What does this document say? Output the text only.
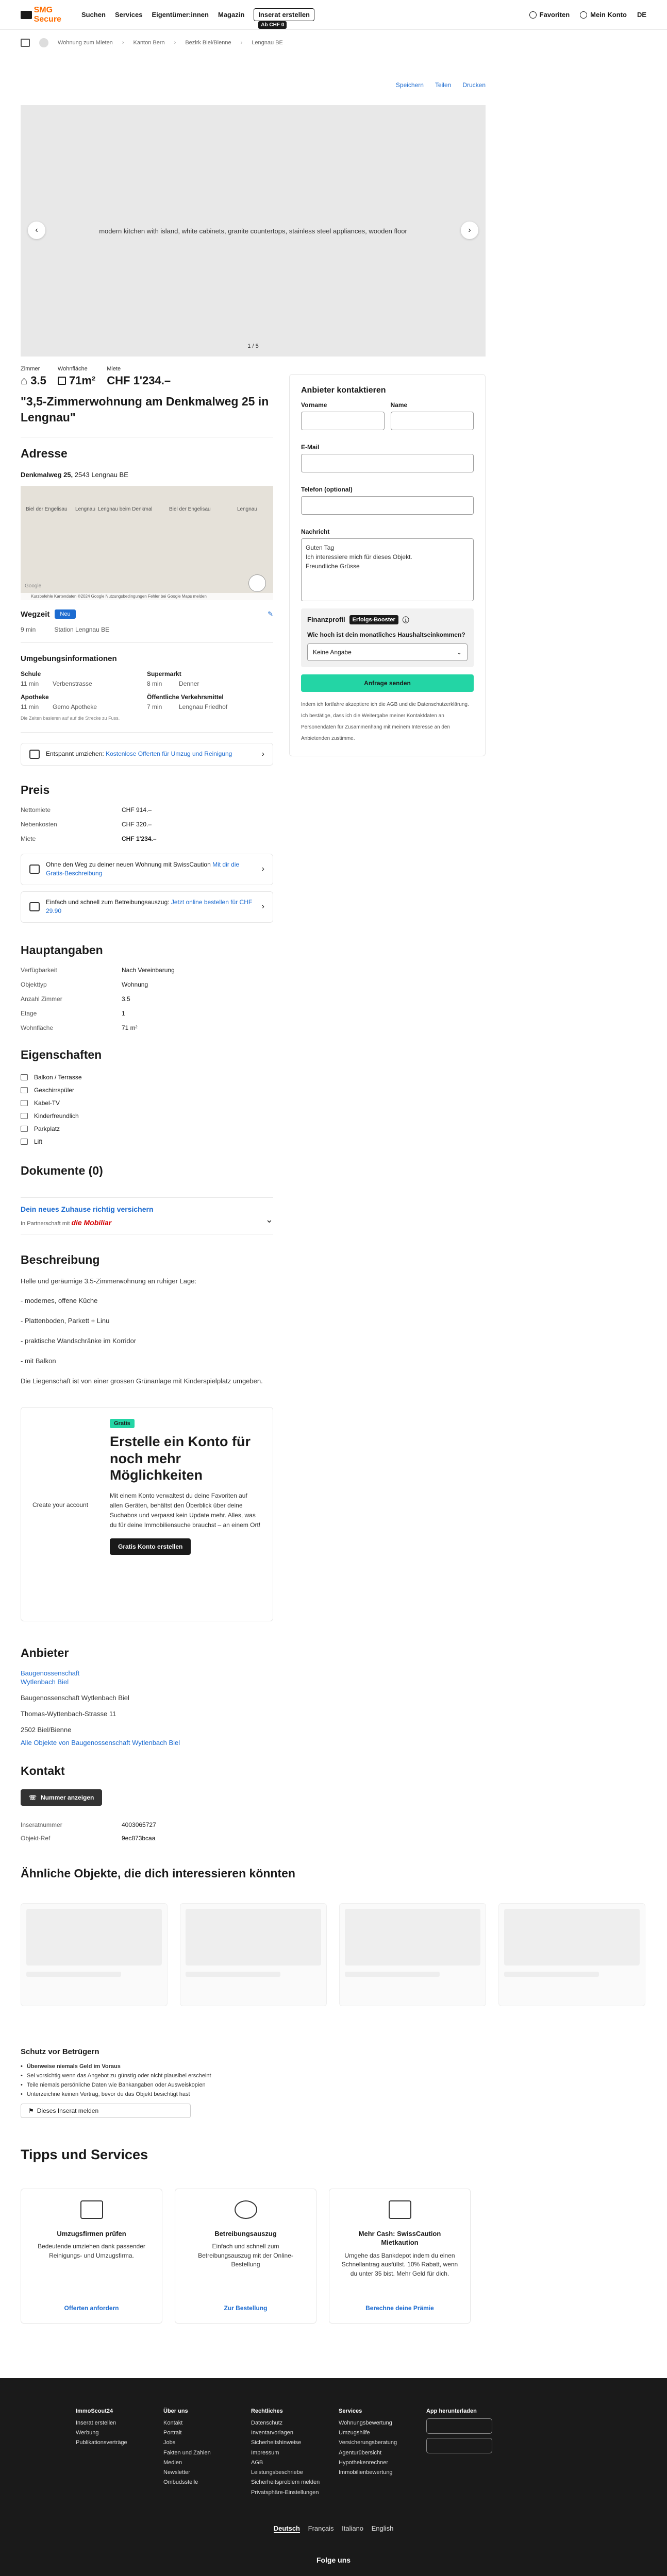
SMG Secure	Suchen Services Eigentümer:innen Magazin	Inserat erstellen
Ab CHF 0
Favoriten	Mein Konto DE
Wohnung zum Mieten › Kanton Bern › Bezirk Biel/Bienne › Lengnau BE
Speichern Teilen Drucken
modern kitchen with island, white cabinets, granite countertops, stainless steel appliances, wooden floor
‹	›
1 / 5
Anbieter kontaktieren
Vorname	Name
E-Mail
Telefon (optional)
Nachricht
Guten Tag
Ich interessiere mich für dieses Objekt.
Freundliche Grüsse
Finanzprofil	Erfolgs-Booster	ⓘ
Wie hoch ist dein monatliches Haushaltseinkommen?
Keine Angabe	⌄
Anfrage senden
Indem ich fortfahre akzeptiere ich die AGB und die Datenschutzerklärung. Ich bestätige, dass ich die Weitergabe meiner Kontaktdaten an Personendaten für Zusammenhang mit meinem Interesse an den Anbietenden zustimme.
Zimmer
⌂ 3.5
Wohnfläche
71m²
Miete
CHF 1'234.–
"3,5-Zimmerwohnung am Denkmalweg 25 in Lengnau"
Adresse
Denkmalweg 25, 2543 Lengnau BE
Biel der Engelisau Lengnau Lengnau beim Denkmal	Biel der Engelisau	Lengnau
Google
Kurzbefehle Kartendaten ©2024 Google Nutzungsbedingungen Fehler bei Google Maps melden
Wegzeit	Neu	✎
9 min	Station Lengnau BE
Umgebungsinformationen
Schule
11 min	Verbenstrasse
Supermarkt
8 min	Denner
Apotheke
11 min	Gemo Apotheke
Öffentliche Verkehrsmittel
7 min	Lengnau Friedhof
Die Zeiten basieren auf auf die Strecke zu Fuss.
Entspannt umziehen: Kostenlose Offerten für Umzug und Reinigung	›
Preis
Nettomiete	CHF 914.–
Nebenkosten	CHF 320.–
Miete	CHF 1'234.–
Ohne den Weg zu deiner neuen Wohnung mit SwissCaution Mit dir die Gratis-Beschreibung	›
Einfach und schnell zum Betreibungsauszug: Jetzt online bestellen für CHF 29.90	›
Hauptangaben
Verfügbarkeit	Nach Vereinbarung
Objekttyp	Wohnung
Anzahl Zimmer	3.5
Etage	1
Wohnfläche	71 m²
Eigenschaften
Balkon / Terrasse
Geschirrspüler
Kabel-TV
Kinderfreundlich
Parkplatz
Lift
Dokumente (0)
Dein neues Zuhause richtig versichern
In Partnerschaft mit die Mobiliar	⌄
Beschreibung

Helle und geräumige 3.5-Zimmerwohnung an ruhiger Lage:

- modernes, offene Küche

- Plattenboden, Parkett + Linu

- praktische Wandschränke im Korridor

- mit Balkon

Die Liegenschaft ist von einer grossen Grünanlage mit Kinderspielplatz umgeben.

Create your account
Gratis
Erstelle ein Konto für noch mehr Möglichkeiten
Mit einem Konto verwaltest du deine Favoriten auf allen Geräten, behältst den Überblick über deine Suchabos und verpasst kein Update mehr. Alles, was du für deine Immobiliensuche brauchst – an einem Ort!
Gratis Konto erstellen
Anbieter
Baugenossenschaft Wytlenbach Biel

Baugenossenschaft Wytlenbach Biel

Thomas-Wyttenbach-Strasse 11

2502 Biel/Bienne

Alle Objekte von Baugenossenschaft Wytlenbach Biel

Kontakt
☏ Nummer anzeigen
Inseratnummer	4003065727
Objekt-Ref	9ec873bcaa
Ähnliche Objekte, die dich interessieren könnten
Schutz vor Betrügern
• Überweise niemals Geld im Voraus
• Sei vorsichtig wenn das Angebot zu günstig oder nicht plausibel erscheint
• Teile niemals persönliche Daten wie Bankangaben oder Ausweiskopien
• Unterzeichne keinen Vertrag, bevor du das Objekt besichtigt hast
⚑ Dieses Inserat melden
Tipps und Services
Umzugsfirmen prüfen
Bedeutende umziehen dank passender Reinigungs- und Umzugsfirma.
Offerten anfordern
Betreibungsauszug
Einfach und schnell zum Betreibungsauszug mit der Online-Bestellung
Zur Bestellung
Mehr Cash: SwissCaution Mietkaution
Umgehe das Bankdepot indem du einen Schnellantrag ausfüllst. 10% Rabatt, wenn du unter 35 bist. Mehr Geld für dich.
Berechne deine Prämie
ImmoScout24
Inserat erstellen
Werbung
Publikationsverträge
Über uns
Kontakt
Portrait
Jobs
Fakten und Zahlen
Medien
Newsletter
Ombudsstelle
Rechtliches
Datenschutz
Inventarvorlagen
Sicherheitshinweise
Impressum
AGB
Leistungsbeschriebe
Sicherheitsproblem melden
Privatsphäre-Einstellungen
Services
Wohnungsbewertung
Umzugshilfe
Versicherungsberatung
Agenturübersicht
Hypothekenrechner
Immobilienbewertung
App herunterladen
Deutsch Français Italiano English
Folge uns
